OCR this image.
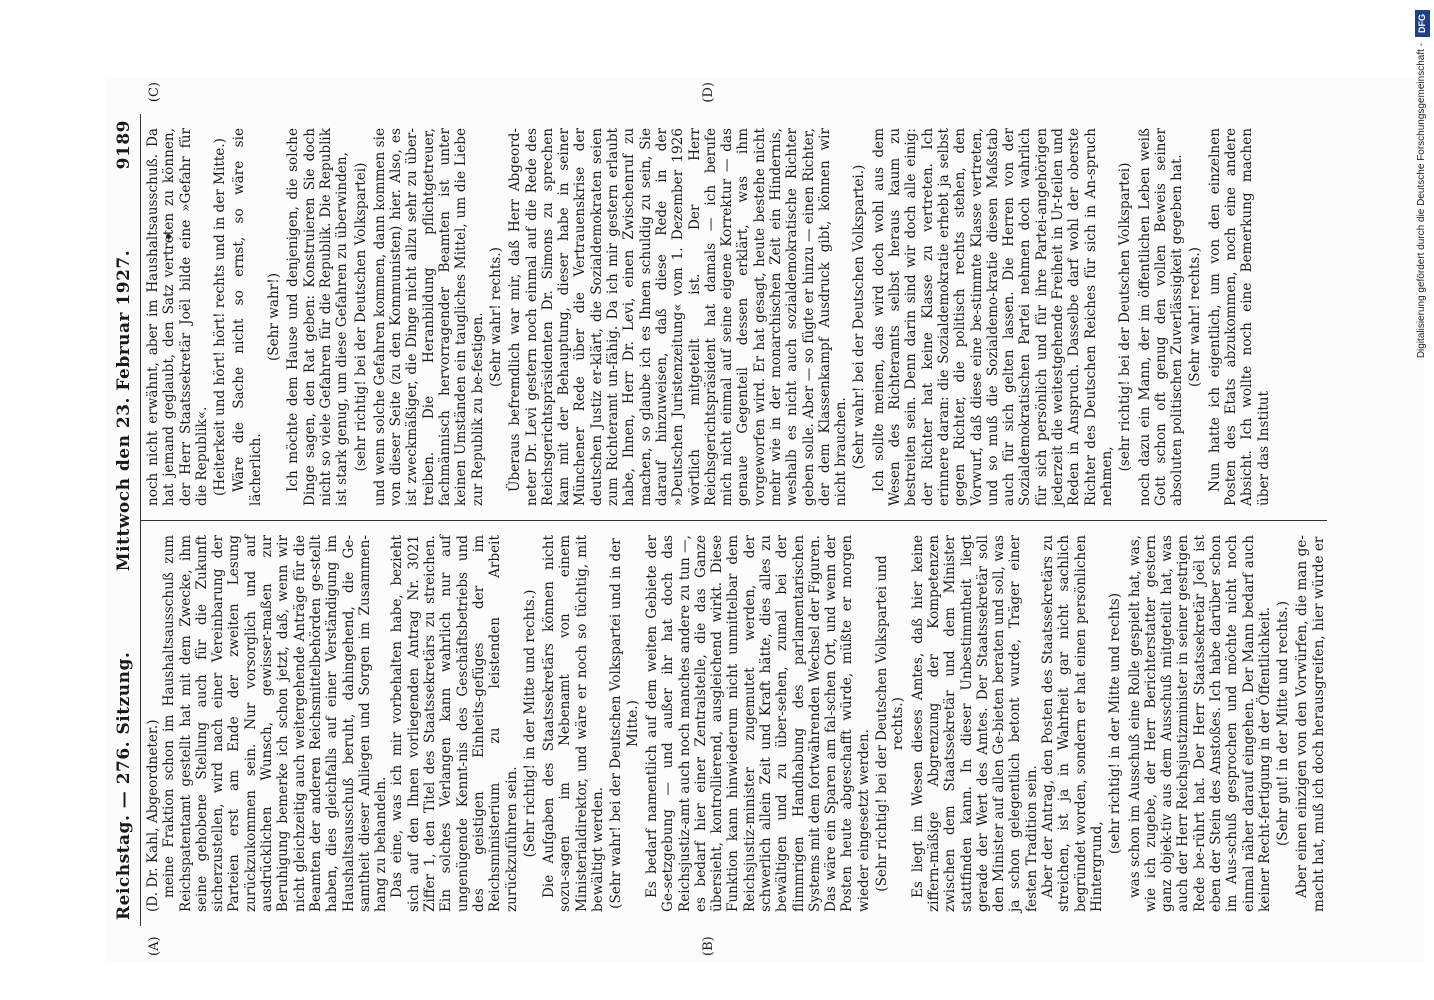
Reichstag. — 276. Sitzung.
Mittwoch den 23. Februar 1927.
9189
(A)	(B)
(C)	(D)

(D. Dr. Kahl, Abgeordneter.) meine Fraktion schon im Haushaltsausschuß zum Reichspatentamt gestellt hat mit dem Zwecke, ihm seine gehobene Stellung auch für die Zukunft sicherzustellen, wird nach einer Vereinbarung der Parteien erst am Ende der zweiten Lesung zurückzukommen sein. Nur vorsorglich und auf ausdrücklichen Wunsch, gewisser-maßen zur Beruhigung bemerke ich schon jetzt, daß, wenn wir nicht gleichzeitig auch weitergehende Anträge für die Beamten der anderen Reichsmittelbehörden ge-stellt haben, dies gleichfalls auf einer Verständigung im Haushaltsausschuß beruht, dahingehend, die Ge-samtheit dieser Anliegen und Sorgen im Zusammen-hang zu behandeln. Das eine, was ich mir vorbehalten habe, bezieht sich auf den Ihnen vorliegenden Antrag Nr. 3021 Ziffer 1, den Titel des Staatssekretärs zu streichen. Ein solches Verlangen kann wahrlich nur auf ungenügende Kennt-nis des Geschäftsbetriebs und des geistigen Einheits-gefüges der im Reichsministerium zu leistenden Arbeit zurückzuführen sein. (Sehr richtig! in der Mitte und rechts.) Die Aufgaben des Staatssekretärs können nicht sozu-sagen im Nebenamt von einem Ministerialdirektor, und wäre er noch so tüchtig, mit bewältigt werden. (Sehr wahr! bei der Deutschen Volkspartei und in der Mitte.) Es bedarf namentlich auf dem weiten Gebiete der Ge-setzgebung — und außer ihr hat doch das Reichsjustiz-amt auch noch manches andere zu tun —, es bedarf hier einer Zentralstelle, die das Ganze übersieht, kontrollierend, ausgleichend wirkt. Diese Funktion kann hinwiederum nicht unmittelbar dem Reichsjustiz-minister zugemutet werden, der schwerlich allein Zeit und Kraft hätte, dies alles zu bewältigen und zu über-sehen, zumal bei der flimmrigen Handhabung des parlamentarischen Systems mit dem fortwährenden Wechsel der Figuren. Das wäre ein Sparen am fal-schen Ort, und wenn der Posten heute abgeschafft würde, müßte er morgen wieder eingesetzt werden. (Sehr richtig! bei der Deutschen Volkspartei und rechts.) Es liegt im Wesen dieses Amtes, daß hier keine ziffern-mäßige Abgrenzung der Kompetenzen zwischen dem Staatssekretär und dem Minister stattfinden kann. In dieser Unbestimmtheit liegt gerade der Wert des Amtes. Der Staatssekretär soll den Minister auf allen Ge-bieten beraten und soll, was ja schon gelegentlich betont wurde, Träger einer festen Tradition sein. Aber der Antrag, den Posten des Staatssekretärs zu streichen, ist ja in Wahrheit gar nicht sachlich begründet worden, sondern er hat einen persönlichen Hintergrund,

(sehr richtig! in der Mitte und rechts) was schon im Ausschuß eine Rolle gespielt hat, was, wie ich zugebe, der Herr Berichterstatter gestern ganz objek-tiv aus dem Ausschuß mitgeteilt hat, was auch der Herr Reichsjustizminister in seiner gestrigen Rede be-rührt hat. Der Herr Staatssekretär Joël ist eben der Stein des Anstoßes. Ich habe darüber schon im Aus-schuß gesprochen und möchte nicht noch einmal näher darauf eingehen. Der Mann bedarf auch keiner Recht-fertigung in der Öffentlichkeit. (Sehr gut! in der Mitte und rechts.) Aber einen einzigen von den Vorwürfen, die man ge-macht hat, muß ich doch herausgreifen, hier würde er

noch nicht erwähnt, aber im Haushaltsausschuß. Da hat jemand geglaubt, den Satz vertreten zu können, der Herr Staatssekretär Joël bilde eine »Gefahr für die Republik«. (Heiterkeit und hört! hört! rechts und in der Mitte.) Wäre die Sache nicht so ernst, so wäre sie lächerlich.

(Sehr wahr!) Ich möchte dem Hause und denjenigen, die solche Dinge sagen, den Rat geben: Konstruieren Sie doch nicht so viele Gefahren für die Republik. Die Republik ist stark genug, um diese Gefahren zu überwinden, (sehr richtig! bei der Deutschen Volkspartei) und wenn solche Gefahren kommen, dann kommen sie von dieser Seite (zu den Kommunisten) hier. Also, es ist zweckmäßiger, die Dinge nicht allzu sehr zu über-treiben. Die Heranbildung pflichtgetreuer, fachmännisch hervorragender Beamten ist unter keinen Umständen ein taugliches Mittel, um die Liebe zur Republik zu be-festigen. (Sehr wahr! rechts.) Überaus befremdlich war mir, daß Herr Abgeord-neter Dr. Levi gestern noch einmal auf die Rede des Reichsgerichtspräsidenten Dr. Simons zu sprechen kam mit der Behauptung, dieser habe in seiner Münchener Rede über die Vertrauenskrise der deutschen Justiz er-klärt, die Sozialdemokraten seien zum Richteramt un-fähig. Da ich mir gestern erlaubt habe, Ihnen, Herr Dr. Levi, einen Zwischenruf zu machen, so glaube ich es Ihnen schuldig zu sein, Sie darauf hinzuweisen, daß diese Rede in der »Deutschen Juristenzeitung« vom 1. Dezember 1926 wörtlich mitgeteilt ist. Der Herr Reichsgerichtspräsident hat damals — ich berufe mich nicht einmal auf seine eigene Korrektur — das genaue Gegenteil dessen erklärt, was ihm vorgeworfen wird. Er hat gesagt, heute bestehe nicht mehr wie in der monarchischen Zeit ein Hindernis, weshalb es nicht auch sozialdemokratische Richter geben solle. Aber — so fügte er hinzu — einen Richter, der dem Klassenkampf Ausdruck gibt, können wir nicht brauchen. (Sehr wahr! bei der Deutschen Volkspartei.) Ich sollte meinen, das wird doch wohl aus dem Wesen des Richteramts selbst heraus kaum zu bestreiten sein. Denn darin sind wir doch alle einig: der Richter hat keine Klasse zu vertreten. Ich erinnere daran: die Sozialdemokratie erhebt ja selbst gegen Richter, die politisch rechts stehen, den Vorwurf, daß diese eine be-stimmte Klasse vertreten, und so muß die Sozialdemo-kratie diesen Maßstab auch für sich gelten lassen. Die Herren von der Sozialdemokratischen Partei nehmen doch wahrlich für sich persönlich und für ihre Partei-angehörigen jederzeit die weitestgehende Freiheit in Ur-teilen und Reden in Anspruch. Dasselbe darf wohl der oberste Richter des Deutschen Reiches für sich in An-spruch nehmen,

(sehr richtig! bei der Deutschen Volkspartei) noch dazu ein Mann, der im öffentlichen Leben weiß Gott schon oft genug den vollen Beweis seiner absoluten politischen Zuverlässigkeit gegeben hat. (Sehr wahr! rechts.) Nun hatte ich eigentlich, um von den einzelnen Posten des Etats abzukommen, noch eine andere Absicht. Ich wollte noch eine Bemerkung machen über das Institut

Digitalisierung gefördert durch die Deutsche Forschungsgemeinschaft -
DFG
